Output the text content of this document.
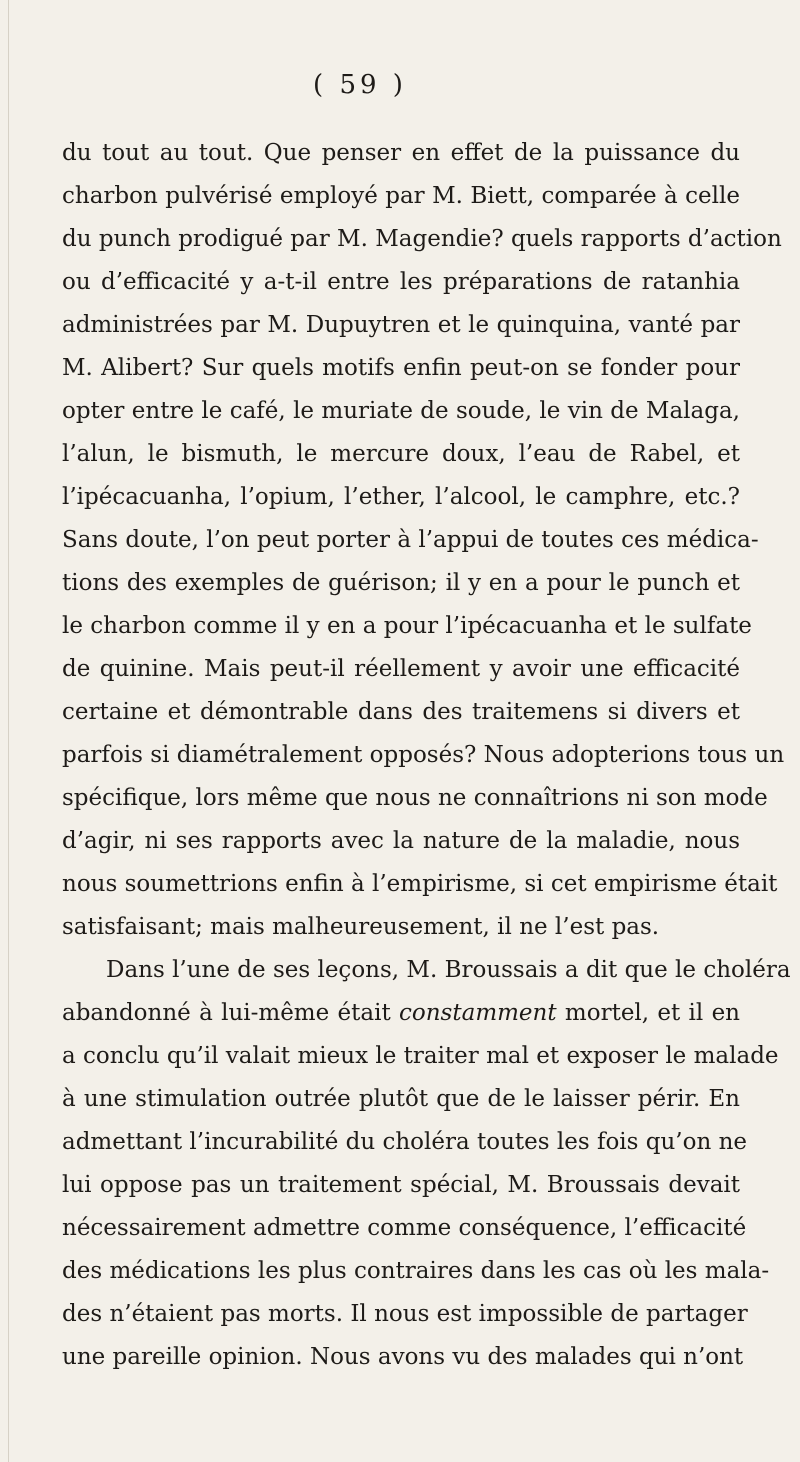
( 59 )
du tout au tout. Que penser en effet de la puissance du
charbon pulvérisé employé par M. Biett, comparée à celle
du punch prodigué par M. Magendie? quels rapports d’action
ou d’efficacité y a-t-il entre les préparations de ratanhia
administrées par M. Dupuytren et le quinquina, vanté par
M. Alibert? Sur quels motifs enfin peut-on se fonder pour
opter entre le café, le muriate de soude, le vin de Malaga,
l’alun, le bismuth, le mercure doux, l’eau de Rabel, et
l’ipécacuanha, l’opium, l’ether, l’alcool, le camphre, etc.?
Sans doute, l’on peut porter à l’appui de toutes ces médica-
tions des exemples de guérison; il y en a pour le punch et
le charbon comme il y en a pour l’ipécacuanha et le sulfate
de quinine. Mais peut-il réellement y avoir une efficacité
certaine et démontrable dans des traitemens si divers et
parfois si diamétralement opposés? Nous adopterions tous un
spécifique, lors même que nous ne connaîtrions ni son mode
d’agir, ni ses rapports avec la nature de la maladie, nous
nous soumettrions enfin à l’empirisme, si cet empirisme était
satisfaisant; mais malheureusement, il ne l’est pas.
Dans l’une de ses leçons, M. Broussais a dit que le choléra
abandonné à lui-même était constamment mortel, et il en
a conclu qu’il valait mieux le traiter mal et exposer le malade
à une stimulation outrée plutôt que de le laisser périr. En
admettant l’incurabilité du choléra toutes les fois qu’on ne
lui oppose pas un traitement spécial, M. Broussais devait
nécessairement admettre comme conséquence, l’efficacité
des médications les plus contraires dans les cas où les mala-
des n’étaient pas morts. Il nous est impossible de partager
une pareille opinion. Nous avons vu des malades qui n’ont
